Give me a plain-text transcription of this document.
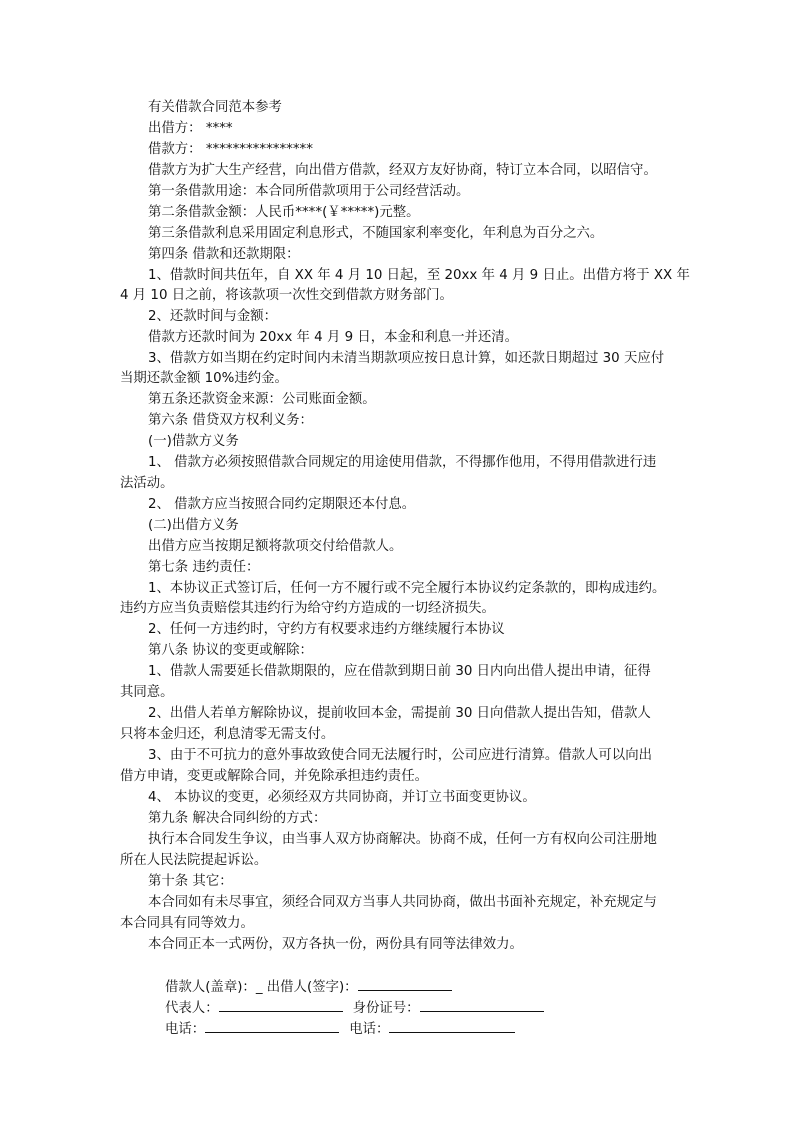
有关借款合同范本参考
出借方： ****
借款方： ****************
借款方为扩大生产经营，向出借方借款，经双方友好协商，特订立本合同，以昭信守。
第一条借款用途：本合同所借款项用于公司经营活动。
第二条借款金额：人民币****(￥*****)元整。
第三条借款利息采用固定利息形式，不随国家利率变化，年利息为百分之六。
第四条 借款和还款期限：
1、借款时间共伍年，自 XX 年 4 月 10 日起，至 20xx 年 4 月 9 日止。出借方将于 XX 年
4 月 10 日之前，将该款项一次性交到借款方财务部门。
2、还款时间与金额：
借款方还款时间为 20xx 年 4 月 9 日，本金和利息一并还清。
3、借款方如当期在约定时间内未清当期款项应按日息计算，如还款日期超过 30 天应付
当期还款金额 10%违约金。
第五条还款资金来源：公司账面金额。
第六条 借贷双方权利义务：
(一)借款方义务
1、 借款方必须按照借款合同规定的用途使用借款，不得挪作他用，不得用借款进行违
法活动。
2、 借款方应当按照合同约定期限还本付息。
(二)出借方义务
出借方应当按期足额将款项交付给借款人。
第七条 违约责任：
1、本协议正式签订后，任何一方不履行或不完全履行本协议约定条款的，即构成违约。
违约方应当负责赔偿其违约行为给守约方造成的一切经济损失。
2、任何一方违约时，守约方有权要求违约方继续履行本协议
第八条 协议的变更或解除：
1、借款人需要延长借款期限的，应在借款到期日前 30 日内向出借人提出申请，征得
其同意。
2、出借人若单方解除协议，提前收回本金，需提前 30 日向借款人提出告知，借款人
只将本金归还，利息清零无需支付。
3、由于不可抗力的意外事故致使合同无法履行时，公司应进行清算。借款人可以向出
借方申请，变更或解除合同，并免除承担违约责任。
4、 本协议的变更，必须经双方共同协商，并订立书面变更协议。
第九条 解决合同纠纷的方式：
执行本合同发生争议，由当事人双方协商解决。协商不成，任何一方有权向公司注册地
所在人民法院提起诉讼。
第十条 其它：
本合同如有未尽事宜，须经合同双方当事人共同协商，做出书面补充规定，补充规定与
本合同具有同等效力。
本合同正本一式两份，双方各执一份，两份具有同等法律效力。

借款人(盖章)：_ 出借人(签字)：

代表人：	身份证号：

电话：	电话：
